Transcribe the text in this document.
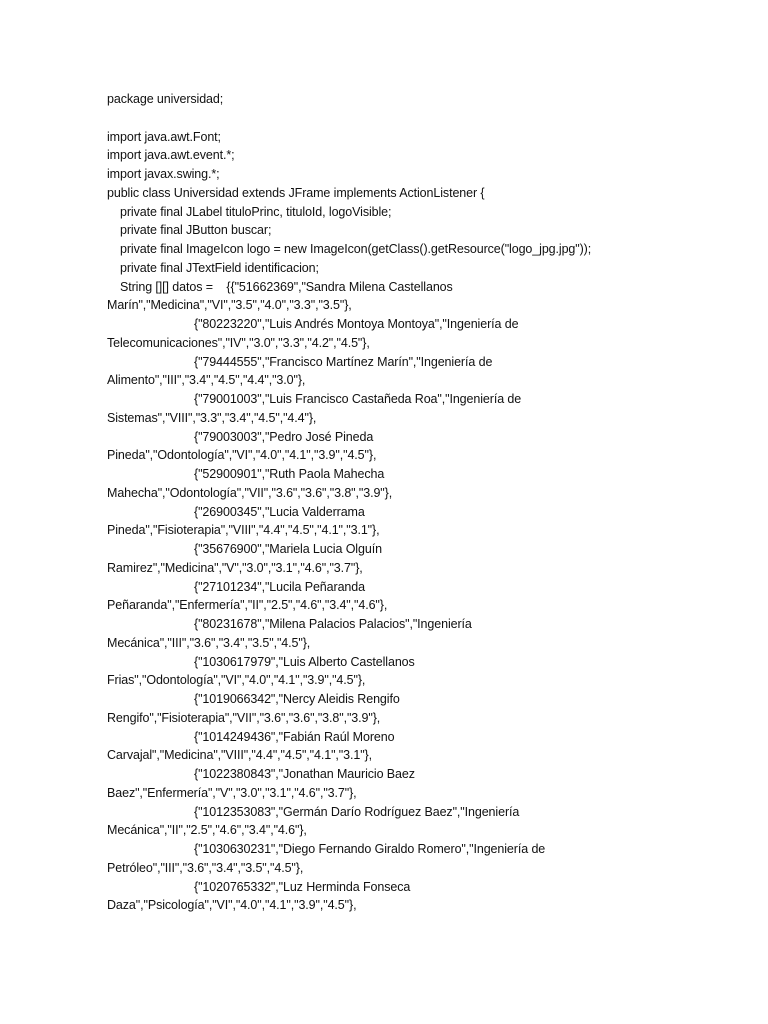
package universidad;
import java.awt.Font;
import java.awt.event.*;
import javax.swing.*;
public class Universidad extends JFrame implements ActionListener {
private final JLabel tituloPrinc, tituloId, logoVisible;
private final JButton buscar;
private final ImageIcon logo = new ImageIcon(getClass().getResource("logo_jpg.jpg"));
private final JTextField identificacion;
String [][] datos =    {{"51662369","Sandra Milena Castellanos
Marín","Medicina","VI","3.5","4.0","3.3","3.5"},
{"80223220","Luis Andrés Montoya Montoya","Ingeniería de
Telecomunicaciones","IV","3.0","3.3","4.2","4.5"},
{"79444555","Francisco Martínez Marín","Ingeniería de
Alimento","III","3.4","4.5","4.4","3.0"},
{"79001003","Luis Francisco Castañeda Roa","Ingeniería de
Sistemas","VIII","3.3","3.4","4.5","4.4"},
{"79003003","Pedro José Pineda
Pineda","Odontología","VI","4.0","4.1","3.9","4.5"},
{"52900901","Ruth Paola Mahecha
Mahecha","Odontología","VII","3.6","3.6","3.8","3.9"},
{"26900345","Lucia Valderrama
Pineda","Fisioterapia","VIII","4.4","4.5","4.1","3.1"},
{"35676900","Mariela Lucia Olguín
Ramirez","Medicina","V","3.0","3.1","4.6","3.7"},
{"27101234","Lucila Peñaranda
Peñaranda","Enfermería","II","2.5","4.6","3.4","4.6"},
{"80231678","Milena Palacios Palacios","Ingeniería
Mecánica","III","3.6","3.4","3.5","4.5"},
{"1030617979","Luis Alberto Castellanos
Frias","Odontología","VI","4.0","4.1","3.9","4.5"},
{"1019066342","Nercy Aleidis Rengifo
Rengifo","Fisioterapia","VII","3.6","3.6","3.8","3.9"},
{"1014249436","Fabián Raúl Moreno
Carvajal","Medicina","VIII","4.4","4.5","4.1","3.1"},
{"1022380843","Jonathan Mauricio Baez
Baez","Enfermería","V","3.0","3.1","4.6","3.7"},
{"1012353083","Germán Darío Rodríguez Baez","Ingeniería
Mecánica","II","2.5","4.6","3.4","4.6"},
{"1030630231","Diego Fernando Giraldo Romero","Ingeniería de
Petróleo","III","3.6","3.4","3.5","4.5"},
{"1020765332","Luz Herminda Fonseca
Daza","Psicología","VI","4.0","4.1","3.9","4.5"},
